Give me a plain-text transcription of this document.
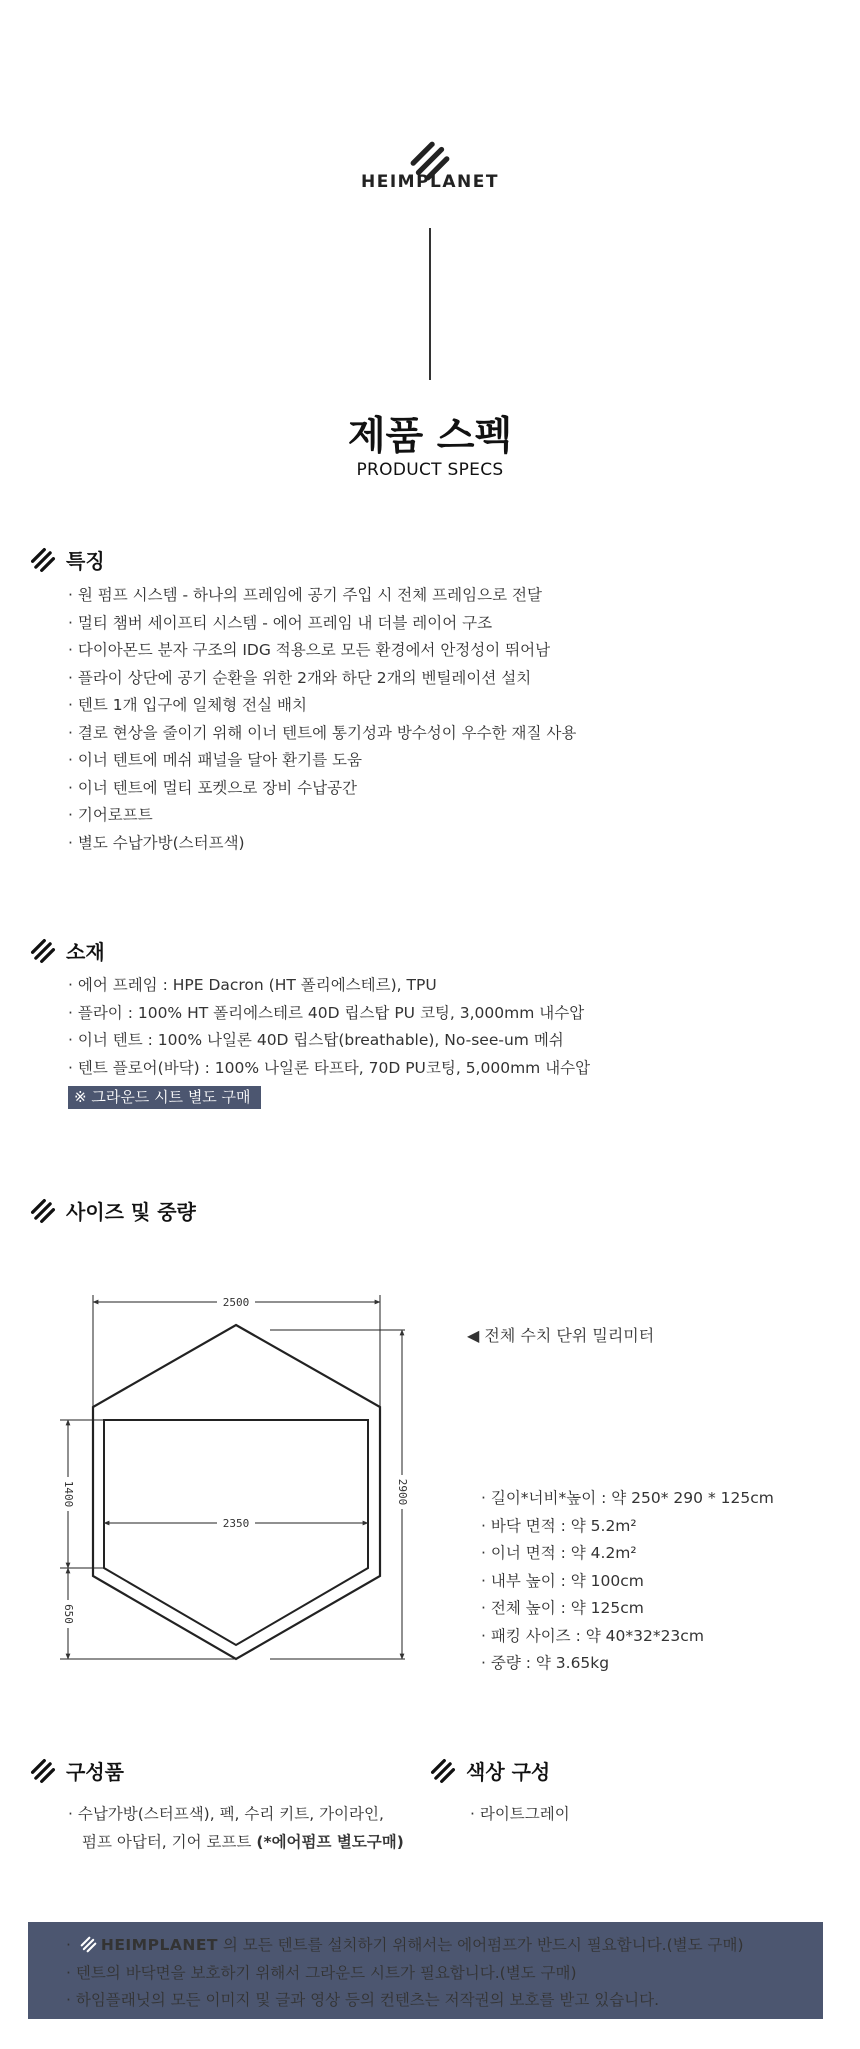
HEIMPLANET
제품 스펙
PRODUCT SPECS
특징
· 원 펌프 시스템 - 하나의 프레임에 공기 주입 시 전체 프레임으로 전달
· 멀티 챔버 세이프티 시스템 - 에어 프레임 내 더블 레이어 구조
· 다이아몬드 분자 구조의 IDG 적용으로 모든 환경에서 안정성이 뛰어남
· 플라이 상단에 공기 순환을 위한 2개와 하단 2개의 벤틸레이션 설치
· 텐트 1개 입구에 일체형 전실 배치
· 결로 현상을 줄이기 위해 이너 텐트에 통기성과 방수성이 우수한 재질 사용
· 이너 텐트에 메쉬 패널을 달아 환기를 도움
· 이너 텐트에 멀티 포켓으로 장비 수납공간
· 기어로프트
· 별도 수납가방(스터프색)
소재
· 에어 프레임 : HPE Dacron (HT 폴리에스테르), TPU
· 플라이 : 100% HT 폴리에스테르 40D 립스탑 PU 코팅, 3,000mm 내수압
· 이너 텐트 : 100% 나일론 40D 립스탑(breathable), No-see-um 메쉬
· 텐트 플로어(바닥) : 100% 나일론 타프타, 70D PU코팅, 5,000mm 내수압
※ 그라운드 시트 별도 구매
사이즈 및 중량
2500
2350
2900
1400
650
◀ 전체 수치 단위 밀리미터
· 길이*너비*높이 : 약 250* 290 * 125cm
· 바닥 면적 : 약 5.2m²
· 이너 면적 : 약 4.2m²
· 내부 높이 : 약 100cm
· 전체 높이 : 약 125cm
· 패킹 사이즈 : 약 40*32*23cm
· 중량 : 약 3.65kg
구성품
· 수납가방(스터프색), 펙, 수리 키트, 가이라인,
펌프 아답터, 기어 로프트 (*에어펌프 별도구매)
색상 구성
· 라이트그레이
· HEIMPLANET 의 모든 텐트를 설치하기 위해서는 에어펌프가 반드시 필요합니다.(별도 구매)
· 텐트의 바닥면을 보호하기 위해서 그라운드 시트가 필요합니다.(별도 구매)
· 하임플래닛의 모든 이미지 및 글과 영상 등의 컨텐츠는 저작권의 보호를 받고 있습니다.
